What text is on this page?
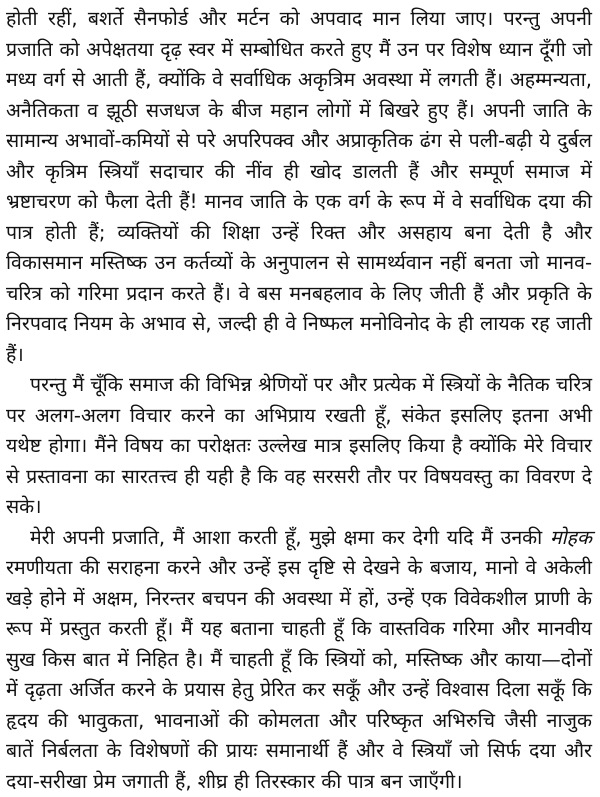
होती रहीं, बशर्ते सैनफोर्ड और मर्टन को अपवाद मान लिया जाए। परन्तु अपनी प्रजाति को अपेक्षतया दृढ़ स्वर में सम्बोधित करते हुए मैं उन पर विशेष ध्यान दूँगी जो मध्य वर्ग से आती हैं, क्योंकि वे सर्वाधिक अकृत्रिम अवस्था में लगती हैं। अहम्मन्यता, अनैतिकता व झूठी सजधज के बीज महान लोगों में बिखरे हुए हैं। अपनी जाति के सामान्य अभावों-कमियों से परे अपरिपक्व और अप्राकृतिक ढंग से पली-बढ़ी ये दुर्बल और कृत्रिम स्त्रियाँ सदाचार की नींव ही खोद डालती हैं और सम्पूर्ण समाज में भ्रष्टाचरण को फैला देती हैं! मानव जाति के एक वर्ग के रूप में वे सर्वाधिक दया की पात्र होती हैं; व्यक्तियों की शिक्षा उन्हें रिक्त और असहाय बना देती है और विकासमान मस्तिष्क उन कर्तव्यों के अनुपालन से सामर्थ्यवान नहीं बनता जो मानव-चरित्र को गरिमा प्रदान करते हैं। वे बस मनबहलाव के लिए जीती हैं और प्रकृति के निरपवाद नियम के अभाव से, जल्दी ही वे निष्फल मनोविनोद के ही लायक रह जाती हैं।

परन्तु मैं चूँकि समाज की विभिन्न श्रेणियों पर और प्रत्येक में स्त्रियों के नैतिक चरित्र पर अलग-अलग विचार करने का अभिप्राय रखती हूँ, संकेत इसलिए इतना अभी यथेष्ट होगा। मैंने विषय का परोक्षतः उल्लेख मात्र इसलिए किया है क्योंकि मेरे विचार से प्रस्तावना का सारतत्त्व ही यही है कि वह सरसरी तौर पर विषयवस्तु का विवरण दे सके।

मेरी अपनी प्रजाति, मैं आशा करती हूँ, मुझे क्षमा कर देगी यदि मैं उनकी मोहक रमणीयता की सराहना करने और उन्हें इस दृष्टि से देखने के बजाय, मानो वे अकेली खड़े होने में अक्षम, निरन्तर बचपन की अवस्था में हों, उन्हें एक विवेकशील प्राणी के रूप में प्रस्तुत करती हूँ। मैं यह बताना चाहती हूँ कि वास्तविक गरिमा और मानवीय सुख किस बात में निहित है। मैं चाहती हूँ कि स्त्रियों को, मस्तिष्क और काया—दोनों में दृढ़ता अर्जित करने के प्रयास हेतु प्रेरित कर सकूँ और उन्हें विश्वास दिला सकूँ कि हृदय की भावुकता, भावनाओं की कोमलता और परिष्कृत अभिरुचि जैसी नाजुक बातें निर्बलता के विशेषणों की प्रायः समानार्थी हैं और वे स्त्रियाँ जो सिर्फ दया और दया-सरीखा प्रेम जगाती हैं, शीघ्र ही तिरस्कार की पात्र बन जाएँगी।
